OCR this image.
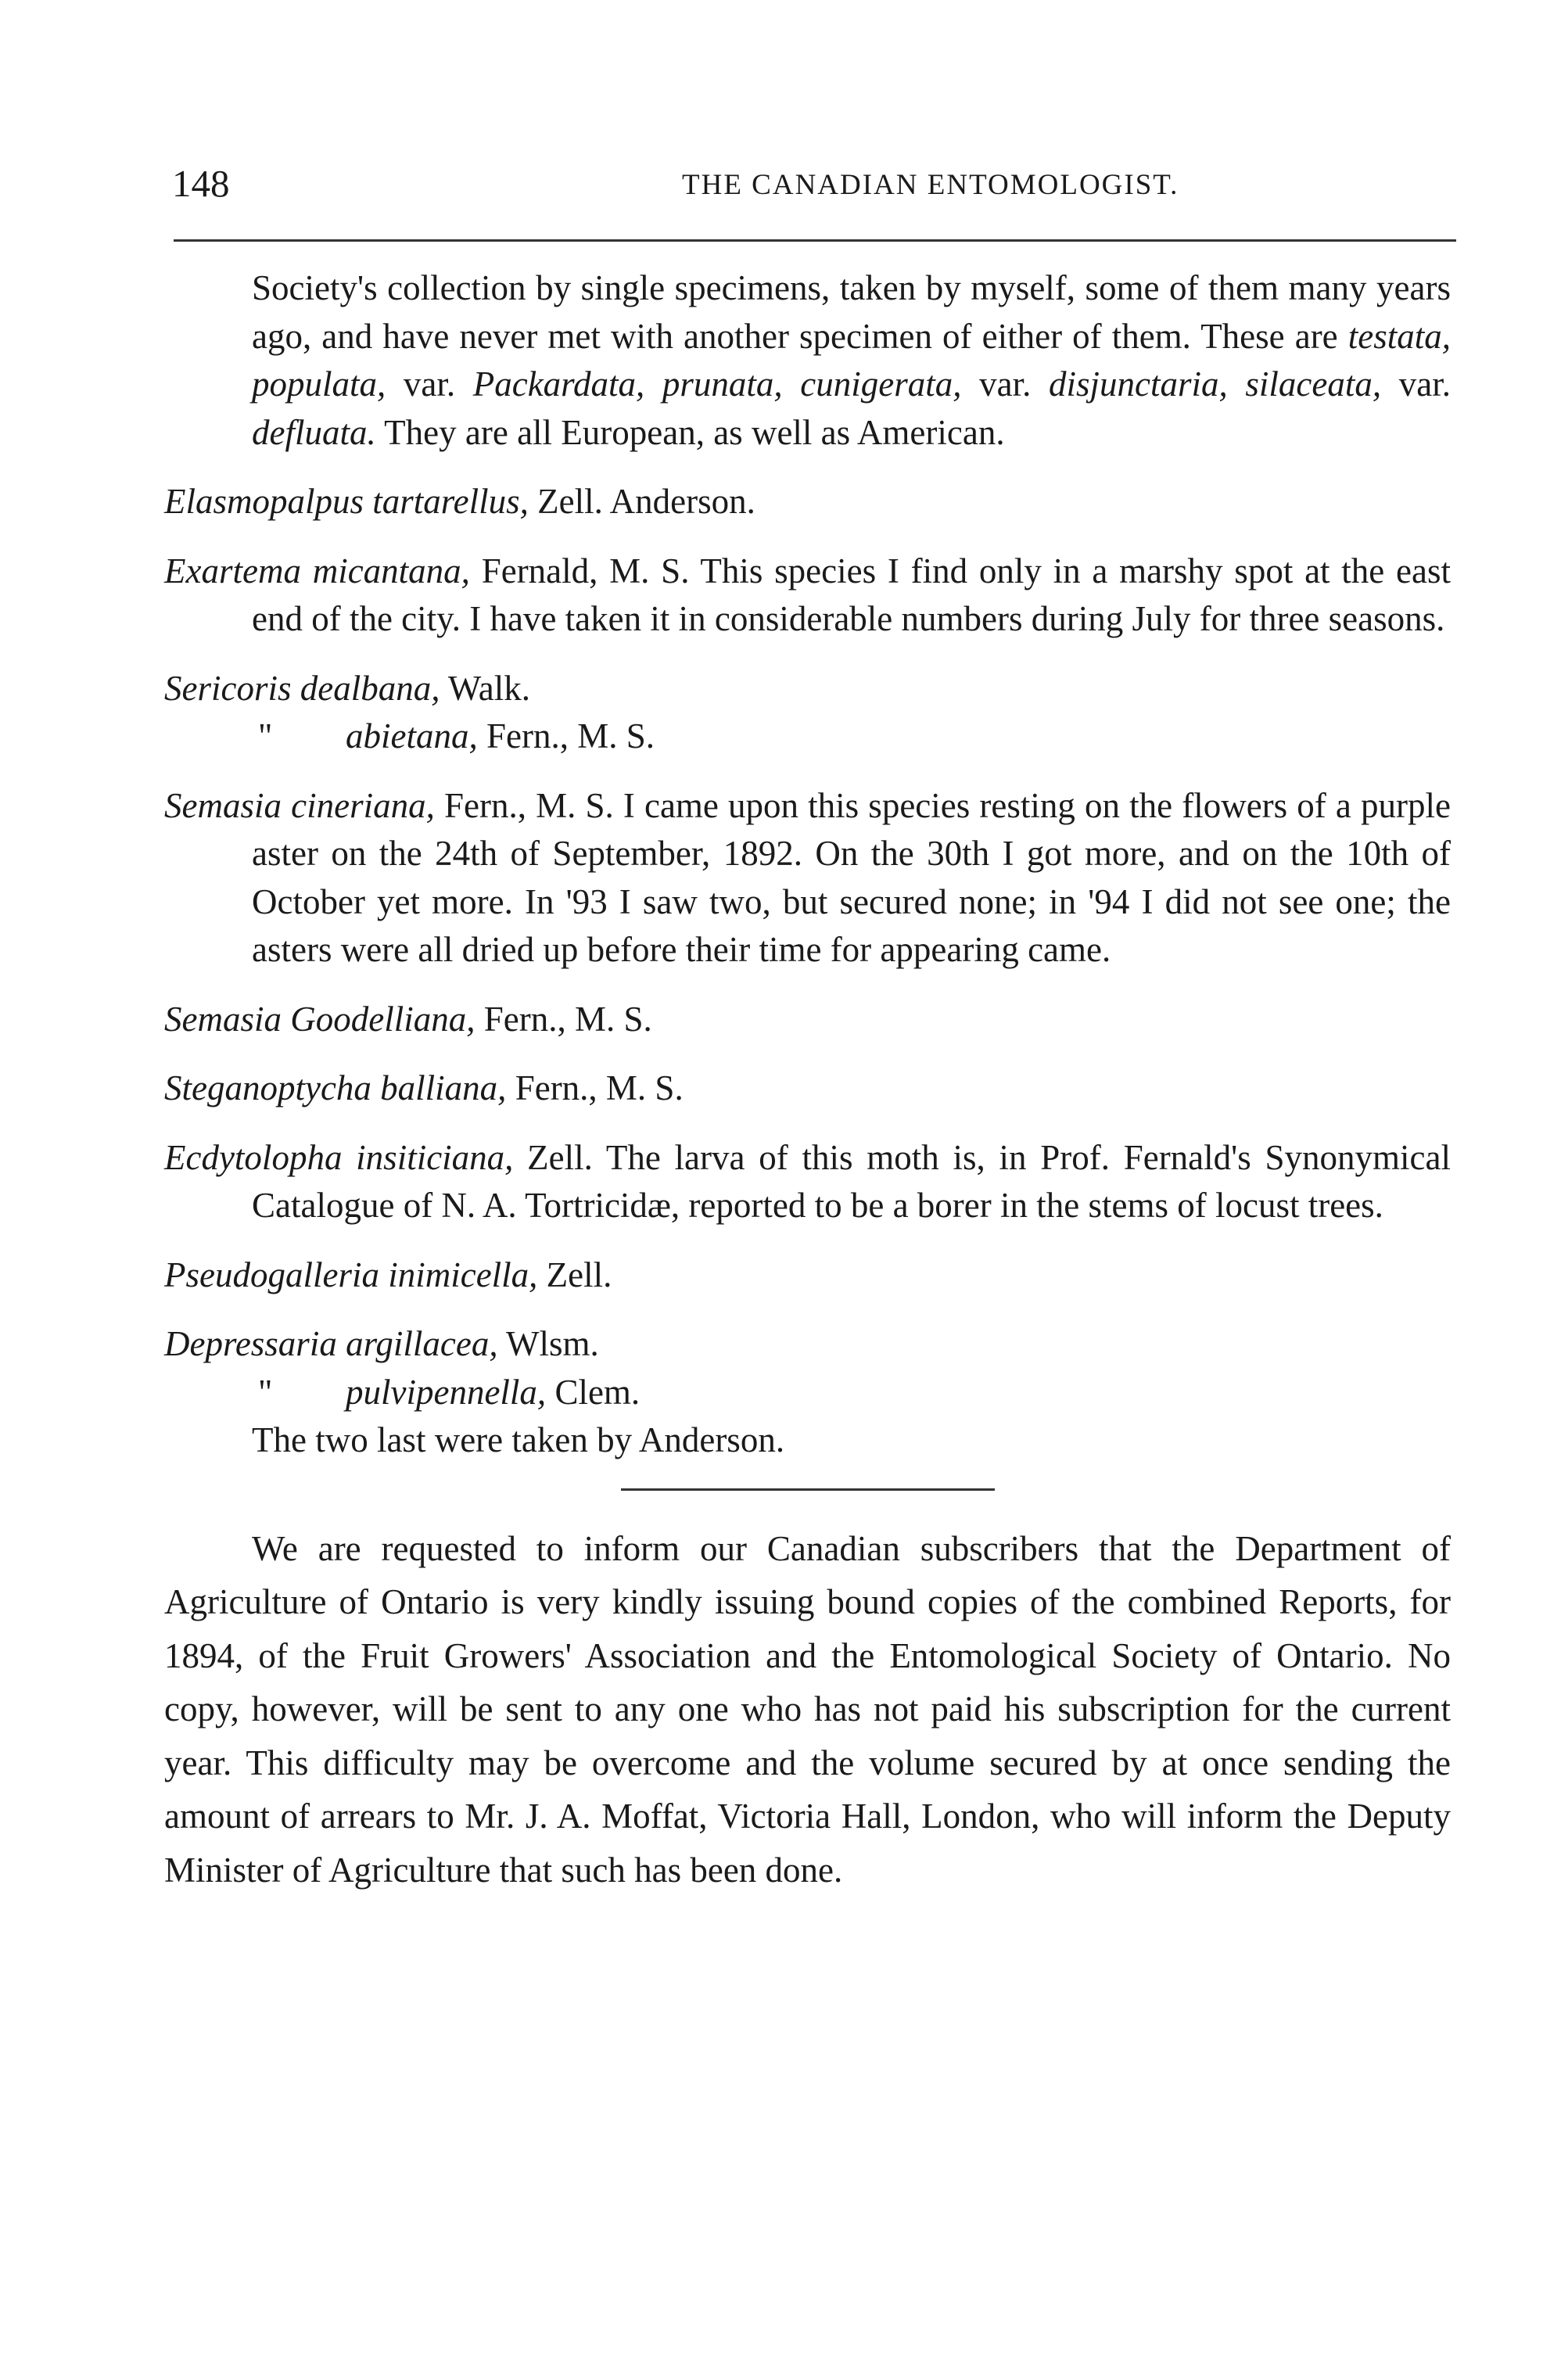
148	THE CANADIAN ENTOMOLOGIST.

Society's collection by single specimens, taken by myself, some of them many years ago, and have never met with another specimen of either of them. These are testata, populata, var. Packardata, prunata, cunigerata, var. disjunctaria, silaceata, var. defluata. They are all European, as well as American.

Elasmopalpus tartarellus, Zell. Anderson.

Exartema micantana, Fernald, M. S. This species I find only in a marshy spot at the east end of the city. I have taken it in considerable numbers during July for three seasons.

Sericoris dealbana, Walk.

" abietana, Fern., M. S.

Semasia cineriana, Fern., M. S. I came upon this species resting on the flowers of a purple aster on the 24th of September, 1892. On the 30th I got more, and on the 10th of October yet more. In '93 I saw two, but secured none; in '94 I did not see one; the asters were all dried up before their time for appearing came.

Semasia Goodelliana, Fern., M. S.

Steganoptycha balliana, Fern., M. S.

Ecdytolopha insiticiana, Zell. The larva of this moth is, in Prof. Fernald's Synonymical Catalogue of N. A. Tortricidæ, reported to be a borer in the stems of locust trees.

Pseudogalleria inimicella, Zell.

Depressaria argillacea, Wlsm.

" pulvipennella, Clem.

The two last were taken by Anderson.

We are requested to inform our Canadian subscribers that the Department of Agriculture of Ontario is very kindly issuing bound copies of the combined Reports, for 1894, of the Fruit Growers' Association and the Entomological Society of Ontario. No copy, however, will be sent to any one who has not paid his subscription for the current year. This difficulty may be overcome and the volume secured by at once sending the amount of arrears to Mr. J. A. Moffat, Victoria Hall, London, who will inform the Deputy Minister of Agriculture that such has been done.
